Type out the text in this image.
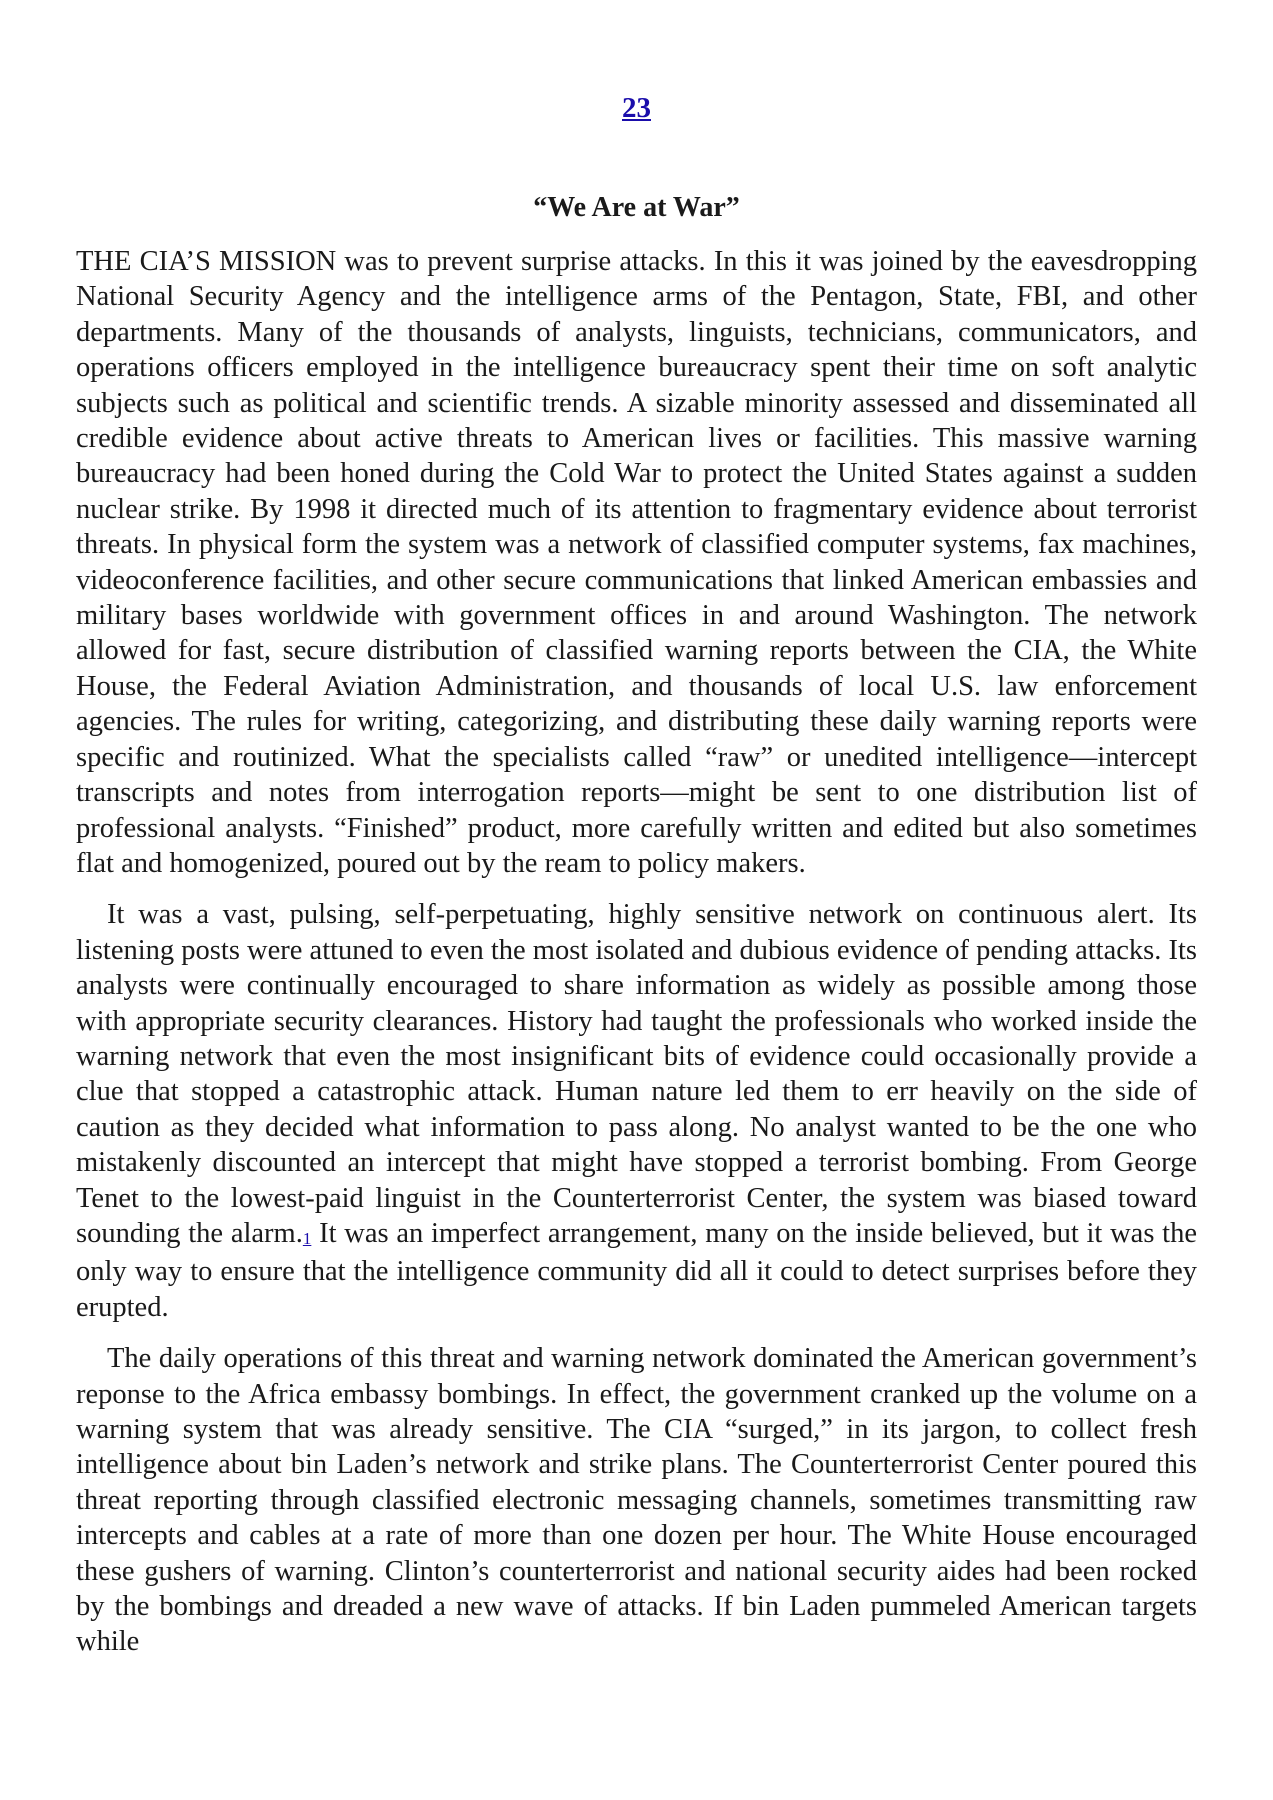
23
“We Are at War”

THE CIA’S MISSION was to prevent surprise attacks. In this it was joined by the eavesdropping National Security Agency and the intelligence arms of the Pentagon, State, FBI, and other departments. Many of the thousands of analysts, linguists, technicians, communicators, and operations officers employed in the intelligence bureaucracy spent their time on soft analytic subjects such as political and scientific trends. A sizable minority assessed and disseminated all credible evidence about active threats to American lives or facilities. This massive warning bureaucracy had been honed during the Cold War to protect the United States against a sudden nuclear strike. By 1998 it directed much of its attention to fragmentary evidence about terrorist threats. In physical form the system was a network of classified computer systems, fax machines, videoconference facilities, and other secure communications that linked American embassies and military bases worldwide with government offices in and around Washington. The network allowed for fast, secure distribution of classified warning reports between the CIA, the White House, the Federal Aviation Administration, and thousands of local U.S. law enforcement agencies. The rules for writing, categorizing, and distributing these daily warning reports were specific and routinized. What the specialists called “raw” or unedited intelligence—intercept transcripts and notes from interrogation reports—might be sent to one distribution list of professional analysts. “Finished” product, more carefully written and edited but also sometimes flat and homogenized, poured out by the ream to policy makers.

It was a vast, pulsing, self-perpetuating, highly sensitive network on continuous alert. Its listening posts were attuned to even the most isolated and dubious evidence of pending attacks. Its analysts were continually encouraged to share information as widely as possible among those with appropriate security clearances. History had taught the professionals who worked inside the warning network that even the most insignificant bits of evidence could occasionally provide a clue that stopped a catastrophic attack. Human nature led them to err heavily on the side of caution as they decided what information to pass along. No analyst wanted to be the one who mistakenly discounted an intercept that might have stopped a terrorist bombing. From George Tenet to the lowest-paid linguist in the Counterterrorist Center, the system was biased toward sounding the alarm.1 It was an imperfect arrangement, many on the inside believed, but it was the only way to ensure that the intelligence community did all it could to detect surprises before they erupted.

The daily operations of this threat and warning network dominated the American government’s reponse to the Africa embassy bombings. In effect, the government cranked up the volume on a warning system that was already sensitive. The CIA “surged,” in its jargon, to collect fresh intelligence about bin Laden’s network and strike plans. The Counterterrorist Center poured this threat reporting through classified electronic messaging channels, sometimes transmitting raw intercepts and cables at a rate of more than one dozen per hour. The White House encouraged these gushers of warning. Clinton’s counterterrorist and national security aides had been rocked by the bombings and dreaded a new wave of attacks. If bin Laden pummeled American targets while
